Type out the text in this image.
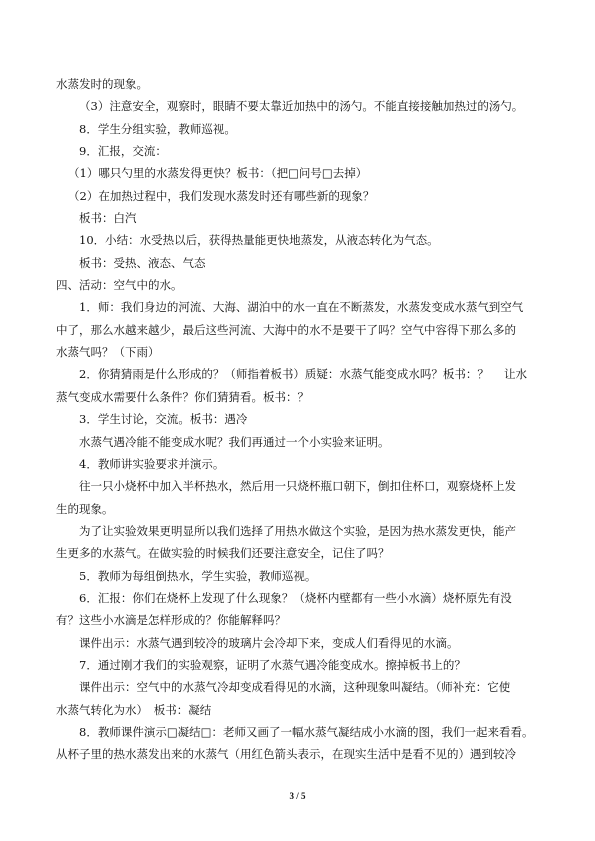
水蒸发时的现象。
（3）注意安全，观察时，眼睛不要太靠近加热中的汤勺。不能直接接触加热过的汤勺。
8．学生分组实验，教师巡视。
9．汇报，交流：
（1）哪只勺里的水蒸发得更快？板书：（把□问号□去掉）
（2）在加热过程中，我们发现水蒸发时还有哪些新的现象？
板书：白汽
10．小结：水受热以后，获得热量能更快地蒸发，从液态转化为气态。
板书：受热、液态、气态
四、活动：空气中的水。
1．师：我们身边的河流、大海、湖泊中的水一直在不断蒸发，水蒸发变成水蒸气到空气
中了，那么水越来越少，最后这些河流、大海中的水不是要干了吗？空气中容得下那么多的
水蒸气吗？（下雨）
2．你猜猜雨是什么形成的？（师指着板书）质疑：水蒸气能变成水吗？板书：？　 让水
蒸气变成水需要什么条件？你们猜猜看。板书：？
3．学生讨论，交流。板书：遇冷
水蒸气遇冷能不能变成水呢？我们再通过一个小实验来证明。
4．教师讲实验要求并演示。
往一只小烧杯中加入半杯热水，然后用一只烧杯瓶口朝下，倒扣住杯口，观察烧杯上发
生的现象。
为了让实验效果更明显所以我们选择了用热水做这个实验，是因为热水蒸发更快，能产
生更多的水蒸气。在做实验的时候我们还要注意安全，记住了吗？
5．教师为每组倒热水，学生实验，教师巡视。
6．汇报：你们在烧杯上发现了什么现象？（烧杯内壁都有一些小水滴）烧杯原先有没
有？这些小水滴是怎样形成的？你能解释吗？
课件出示：水蒸气遇到较冷的玻璃片会冷却下来，变成人们看得见的水滴。
7．通过刚才我们的实验观察，证明了水蒸气遇冷能变成水。擦掉板书上的？
课件出示：空气中的水蒸气冷却变成看得见的水滴，这种现象叫凝结。（师补充：它使
水蒸气转化为水）　板书：凝结
8．教师课件演示□凝结□：老师又画了一幅水蒸气凝结成小水滴的图，我们一起来看看。
从杯子里的热水蒸发出来的水蒸气（用红色箭头表示，在现实生活中是看不见的）遇到较冷
3 / 5
